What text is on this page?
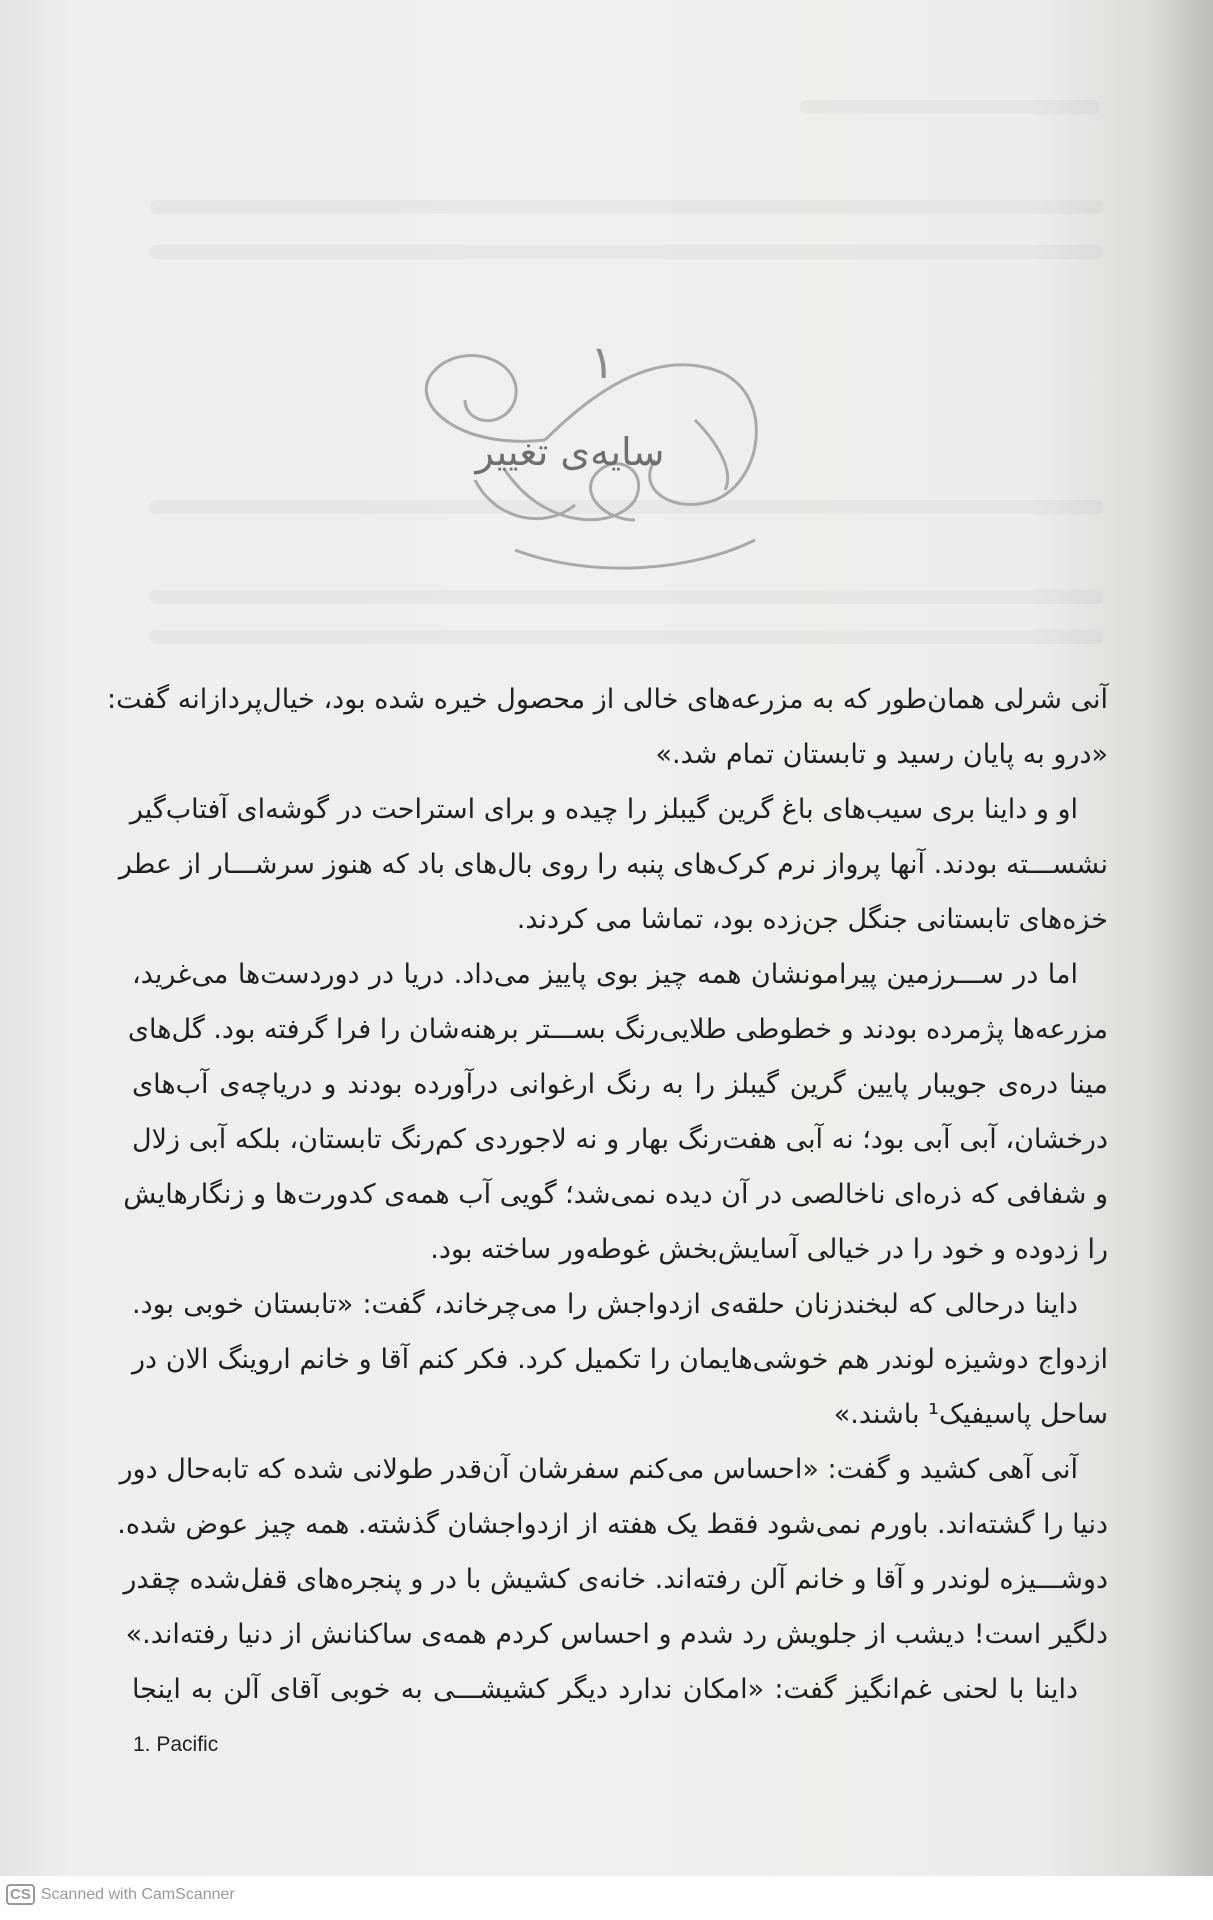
۱
سایه‌ی تغییر
آنی شرلی همان‌طور که به مزرعه‌های خالی از محصول خیره شده بود، خیال‌پردازانه گفت:
«درو به پایان رسید و تابستان تمام شد.»
او و داینا بری سیب‌های باغ گرین گیبلز را چیده و برای استراحت در گوشه‌ای آفتاب‌گیر
نشســـته بودند. آنها پرواز نرم کرک‌های پنبه را روی بال‌های باد که هنوز سرشـــار از عطر
خزه‌های تابستانی جنگل جن‌زده بود، تماشا می کردند.
اما در ســـرزمین پیرامونشان همه چیز بوی پاییز می‌داد. دریا در دوردست‌ها می‌غرید،
مزرعه‌ها پژمرده بودند و خطوطی طلایی‌رنگ بســـتر برهنه‌شان را فرا گرفته بود. گل‌های
مینا دره‌ی جویبار پایین گرین گیبلز را به رنگ ارغوانی درآورده بودند و دریاچه‌ی آب‌های
درخشان، آبی آبی بود؛ نه آبی هفت‌رنگ بهار و نه لاجوردی کم‌رنگ تابستان، بلکه آبی زلال
و شفافی که ذره‌ای ناخالصی در آن دیده نمی‌شد؛ گویی آب همه‌ی کدورت‌ها و زنگارهایش
را زدوده و خود را در خیالی آسایش‌بخش غوطه‌ور ساخته بود.
داینا درحالی که لبخندزنان حلقه‌ی ازدواجش را می‌چرخاند، گفت: «تابستان خوبی بود.
ازدواج دوشیزه لوندر هم خوشی‌هایمان را تکمیل کرد. فکر کنم آقا و خانم اروینگ الان در
ساحل پاسیفیک¹ باشند.»
آنی آهی کشید و گفت: «احساس می‌کنم سفرشان آن‌قدر طولانی شده که تابه‌حال دور
دنیا را گشته‌اند. باورم نمی‌شود فقط یک هفته از ازدواجشان گذشته. همه چیز عوض شده.
دوشـــیزه لوندر و آقا و خانم آلن رفته‌اند. خانه‌ی کشیش با در و پنجره‌های قفل‌شده چقدر
دلگیر است! دیشب از جلویش رد شدم و احساس کردم همه‌ی ساکنانش از دنیا رفته‌اند.»
داینا با لحنی غم‌انگیز گفت: «امکان ندارد دیگر کشیشـــی به خوبی آقای آلن به اینجا
1. Pacific
CS Scanned with CamScanner
